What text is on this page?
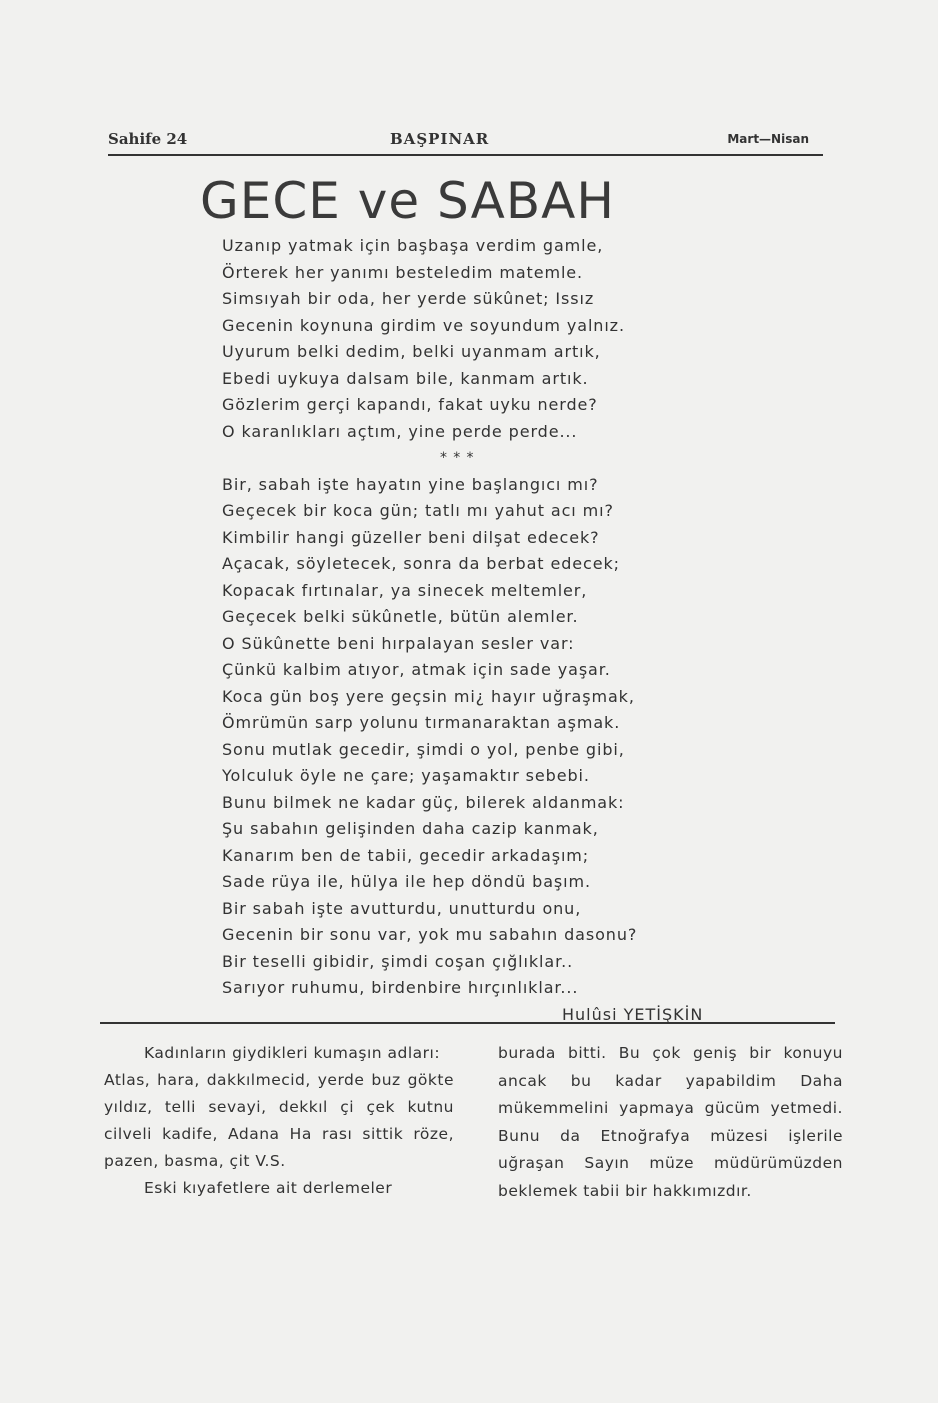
Sahife 24	BAŞPINAR	Mart—Nisan
GECE ve SABAH
Uzanıp yatmak için başbaşa verdim gamle,
Örterek her yanımı besteledim matemle.
Simsıyah bir oda, her yerde sükûnet; Issız
Gecenin koynuna girdim ve soyundum yalnız.
Uyurum belki dedim, belki uyanmam artık,
Ebedi uykuya dalsam bile, kanmam artık.
Gözlerim gerçi kapandı, fakat uyku nerde?
O karanlıkları açtım, yine perde perde...
* * *
Bir, sabah işte hayatın yine başlangıcı mı?
Geçecek bir koca gün; tatlı mı yahut acı mı?
Kimbilir hangi güzeller beni dilşat edecek?
Açacak, söyletecek, sonra da berbat edecek;
Kopacak fırtınalar, ya sinecek meltemler,
Geçecek belki sükûnetle, bütün alemler.
O Sükûnette beni hırpalayan sesler var:
Çünkü kalbim atıyor, atmak için sade yaşar.
Koca gün boş yere geçsin mi¿ hayır uğraşmak,
Ömrümün sarp yolunu tırmanaraktan aşmak.
Sonu mutlak gecedir, şimdi o yol, penbe gibi,
Yolculuk öyle ne çare; yaşamaktır sebebi.
Bunu bilmek ne kadar güç, bilerek aldanmak:
Şu sabahın gelişinden daha cazip kanmak,
Kanarım ben de tabii, gecedir arkadaşım;
Sade rüya ile, hülya ile hep döndü başım.
Bir sabah işte avutturdu, unutturdu onu,
Gecenin bir sonu var, yok mu sabahın dasonu?
Bir teselli gibidir, şimdi coşan çığlıklar..
Sarıyor ruhumu, birdenbire hırçınlıklar...
Hulûsi YETİŞKİN

Kadınların giydikleri kumaşın adları:

Atlas, hara, dakkılmecid, yerde buz gökte yıldız, telli sevayi, dekkıl çi çek kutnu cilveli kadife, Adana Ha rası sittik röze, pazen, basma, çit V.S.

Eski kıyafetlere ait derlemeler

burada bitti. Bu çok geniş bir konuyu ancak bu kadar yapabildim Daha mükemmelini yapmaya gücüm yetmedi. Bunu da Etnoğrafya müzesi işlerile uğraşan Sayın müze müdürümüzden beklemek tabii bir hakkımızdır.
